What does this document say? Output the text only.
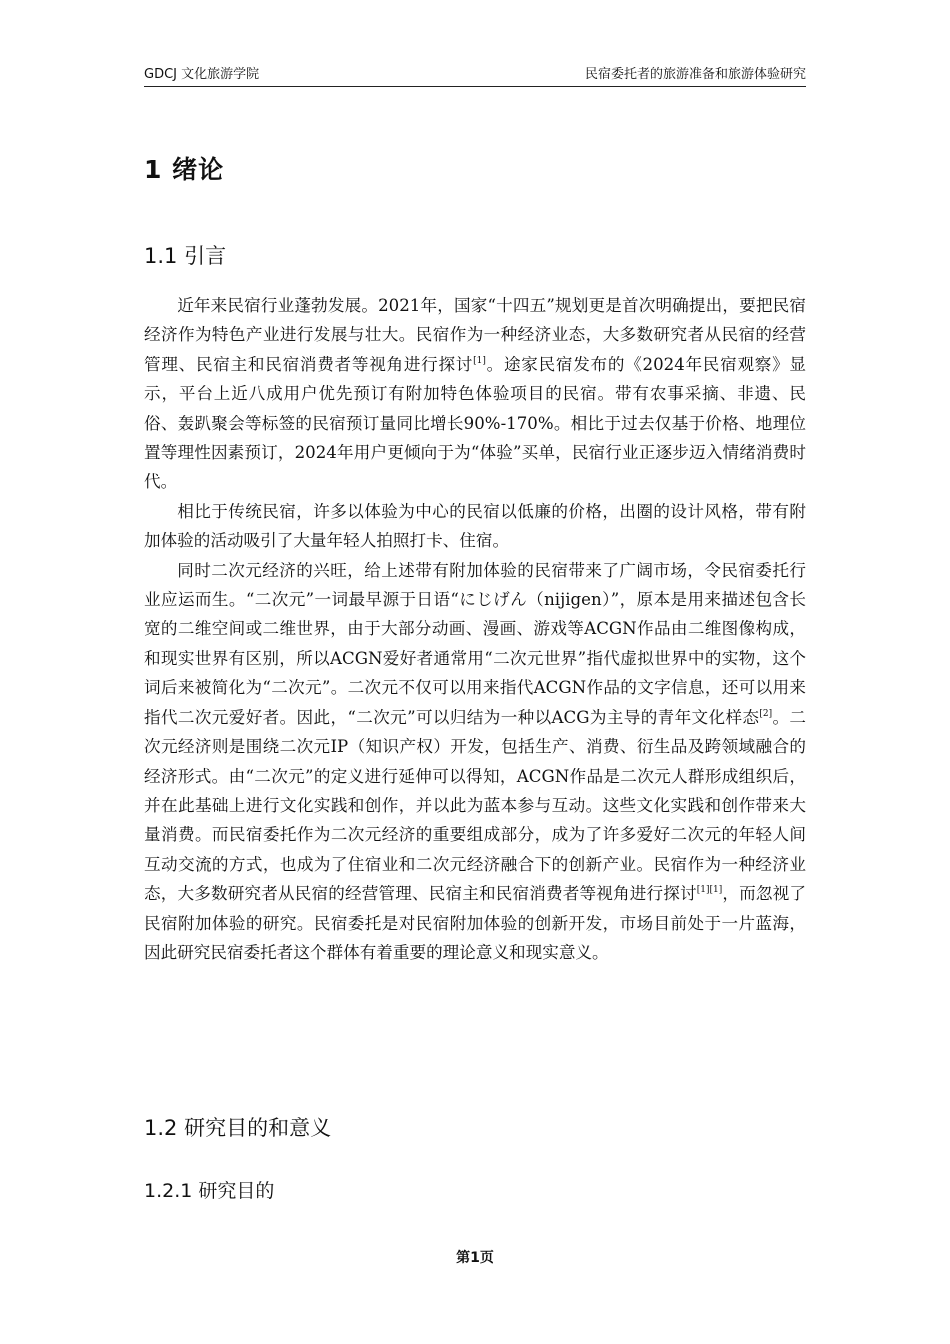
GDCJ 文化旅游学院	民宿委托者的旅游准备和旅游体验研究
1 绪论
1.1 引言

近年来民宿行业蓬勃发展。2021年，国家“十四五”规划更是首次明确提出，要把民宿经济作为特色产业进行发展与壮大。民宿作为一种经济业态，大多数研究者从民宿的经营管理、民宿主和民宿消费者等视角进行探讨[1]。途家民宿发布的《2024年民宿观察》显示，平台上近八成用户优先预订有附加特色体验项目的民宿。带有农事采摘、非遗、民俗、轰趴聚会等标签的民宿预订量同比增长90%-170%。相比于过去仅基于价格、地理位置等理性因素预订，2024年用户更倾向于为“体验”买单，民宿行业正逐步迈入情绪消费时代。

相比于传统民宿，许多以体验为中心的民宿以低廉的价格，出圈的设计风格，带有附加体验的活动吸引了大量年轻人拍照打卡、住宿。

同时二次元经济的兴旺，给上述带有附加体验的民宿带来了广阔市场，令民宿委托行业应运而生。“二次元”一词最早源于日语“にじげん（nijigen）”，原本是用来描述包含长宽的二维空间或二维世界，由于大部分动画、漫画、游戏等ACGN作品由二维图像构成，和现实世界有区别，所以ACGN爱好者通常用“二次元世界”指代虚拟世界中的实物，这个词后来被简化为“二次元”。二次元不仅可以用来指代ACGN作品的文字信息，还可以用来指代二次元爱好者。因此，“二次元”可以归结为一种以ACG为主导的青年文化样态[2]。二次元经济则是围绕二次元IP（知识产权）开发，包括生产、消费、衍生品及跨领域融合的经济形式。由“二次元”的定义进行延伸可以得知，ACGN作品是二次元人群形成组织后，并在此基础上进行文化实践和创作，并以此为蓝本参与互动。这些文化实践和创作带来大量消费。而民宿委托作为二次元经济的重要组成部分，成为了许多爱好二次元的年轻人间互动交流的方式，也成为了住宿业和二次元经济融合下的创新产业。民宿作为一种经济业态，大多数研究者从民宿的经营管理、民宿主和民宿消费者等视角进行探讨[1][1]，而忽视了民宿附加体验的研究。民宿委托是对民宿附加体验的创新开发，市场目前处于一片蓝海，因此研究民宿委托者这个群体有着重要的理论意义和现实意义。

1.2 研究目的和意义
1.2.1 研究目的
第1页
